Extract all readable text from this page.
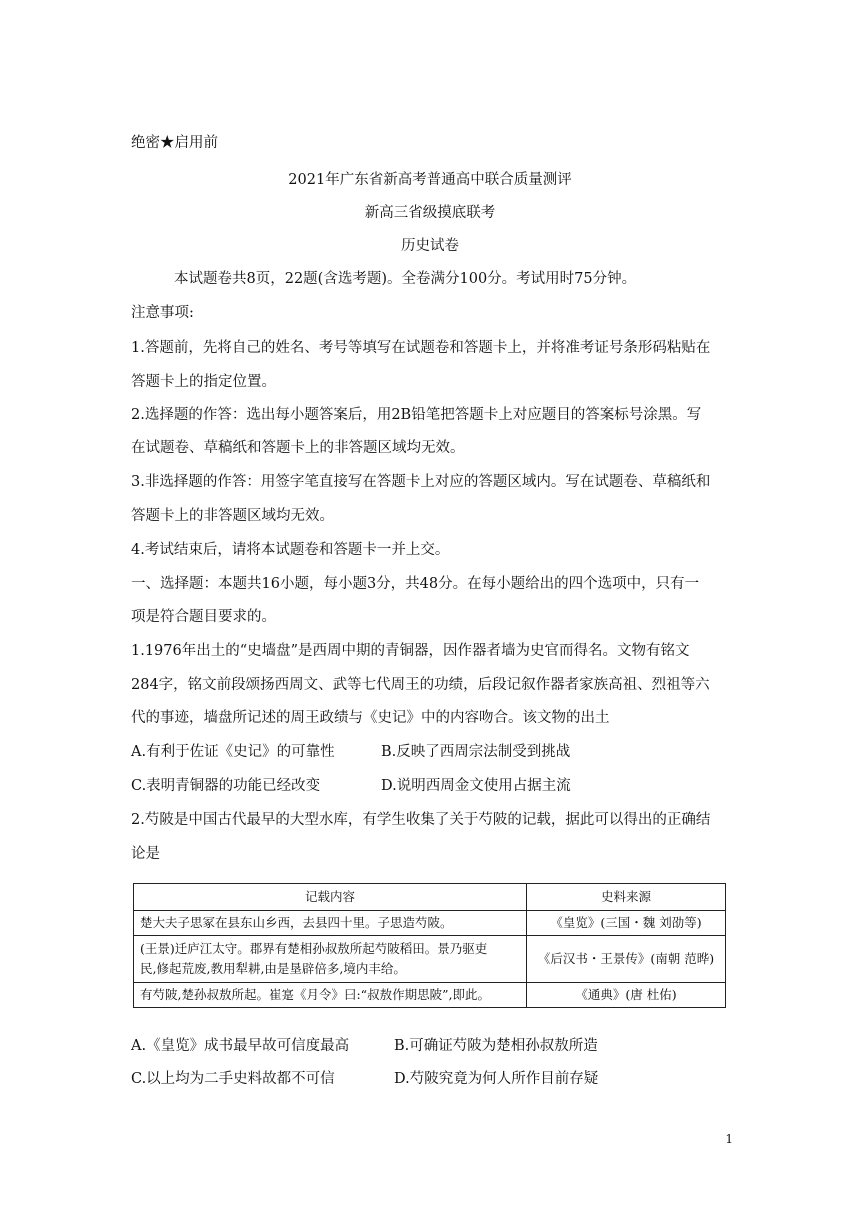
绝密★启用前
2021年广东省新高考普通高中联合质量测评
新高三省级摸底联考
历史试卷
本试题卷共8页，22题(含选考题)。全卷满分100分。考试用时75分钟。
注意事项:
1.答题前，先将自己的姓名、考号等填写在试题卷和答题卡上，并将准考证号条形码粘贴在
答题卡上的指定位置。
2.选择题的作答：选出每小题答案后，用2B铅笔把答题卡上对应题目的答案标号涂黑。写
在试题卷、草稿纸和答题卡上的非答题区域均无效。
3.非选择题的作答：用签字笔直接写在答题卡上对应的答题区域内。写在试题卷、草稿纸和
答题卡上的非答题区域均无效。
4.考试结束后，请将本试题卷和答题卡一并上交。
一、选择题：本题共16小题，每小题3分，共48分。在每小题给出的四个选项中，只有一
项是符合题目要求的。
1.1976年出土的“史墙盘”是西周中期的青铜器，因作器者墙为史官而得名。文物有铭文
284字，铭文前段颂扬西周文、武等七代周王的功绩，后段记叙作器者家族高祖、烈祖等六
代的事迹，墙盘所记述的周王政绩与《史记》中的内容吻合。该文物的出土
A.有利于佐证《史记》的可靠性	B.反映了西周宗法制受到挑战
C.表明青铜器的功能已经改变	D.说明西周金文使用占据主流
2.芍陂是中国古代最早的大型水库，有学生收集了关于芍陂的记载，据此可以得出的正确结
论是
记载内容	史料来源
楚大夫子思冢在县东山乡西，去县四十里。子思造芍陂。	《皇览》(三国・魏 刘劭等)

(王景)迁庐江太守。郡界有楚相孙叔敖所起芍陂稻田。景乃驱吏
民,修起荒废,教用犁耕,由是垦辟倍多,境内丰给。	《后汉书・王景传》(南朝 范晔)
有芍陂,楚孙叔敖所起。崔寔《月令》曰:“叔敖作期思陂”,即此。	《通典》(唐 杜佑)
A.《皇览》成书最早故可信度最高	B.可确证芍陂为楚相孙叔敖所造
C.以上均为二手史料故都不可信	D.芍陂究竟为何人所作目前存疑
1
